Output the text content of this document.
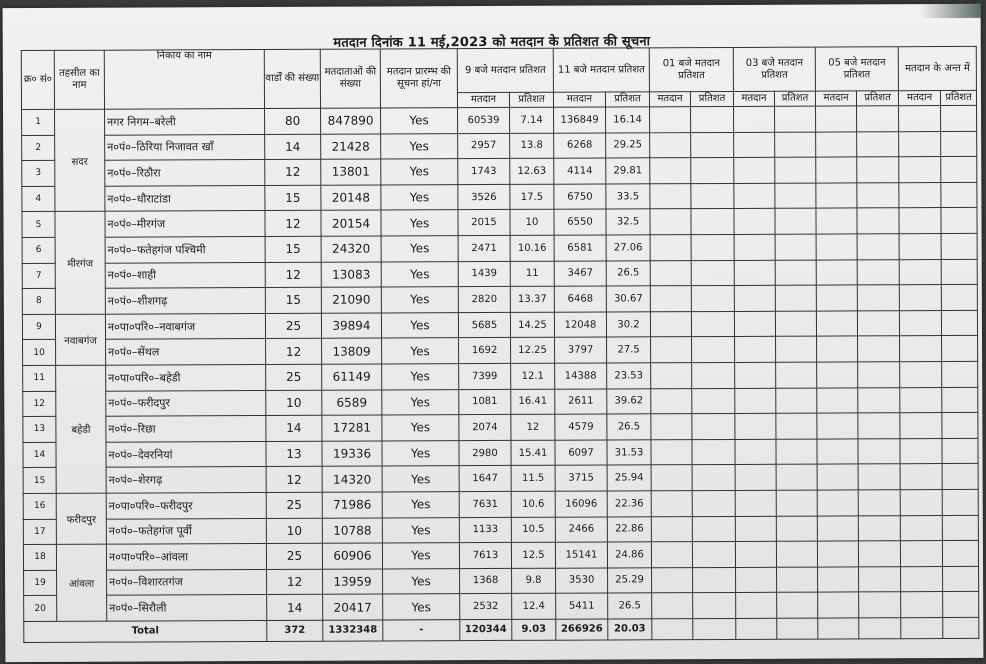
मतदान दिनांक 11 मई,2023 को मतदान के प्रतिशत की सूचना
क्र० सं०	तहसील का नाम	निकाय का नाम	वार्डों की संख्या	मतदाताओं की संख्या	मतदान प्रारम्भ की सूचना हां/ना	9 बजे मतदान प्रतिशत		11 बजे मतदान प्रतिशत		01 बजे मतदान प्रतिशत		03 बजे मतदान प्रतिशत		05 बजे मतदान प्रतिशत		मतदान के अन्त में	
						मतदान	प्रतिशत	मतदान	प्रतिशत	मतदान	प्रतिशत	मतदान	प्रतिशत	मतदान	प्रतिशत	मतदान	प्रतिशत
1	सदर	नगर निगम–बरेली	80	847890	Yes	60539	7.14	136849	16.14								
2		न०पं०–ठिरिया निजावत खॉं	14	21428	Yes	2957	13.8	6268	29.25								
3		न०पं०–रिठौरा	12	13801	Yes	1743	12.63	4114	29.81								
4		न०पं०–धौराटांडा	15	20148	Yes	3526	17.5	6750	33.5								
5	मीरगंज	न०पं०–मीरगंज	12	20154	Yes	2015	10	6550	32.5								
6		न०पं०–फतेहगंज पश्चिमी	15	24320	Yes	2471	10.16	6581	27.06								
7		न०पं०–शाही	12	13083	Yes	1439	11	3467	26.5								
8		न०पं०–शीशगढ़	15	21090	Yes	2820	13.37	6468	30.67								
9	नवाबगंज	न०पा०परि०–नवाबगंज	25	39894	Yes	5685	14.25	12048	30.2								
10		न०पं०–सेंथल	12	13809	Yes	1692	12.25	3797	27.5								
11	बहेडी	न०पा०परि०–बहेडी	25	61149	Yes	7399	12.1	14388	23.53								
12		न०पं०–फरीदपुर	10	6589	Yes	1081	16.41	2611	39.62								
13		न०पं०–रिछा	14	17281	Yes	2074	12	4579	26.5								
14		न०पं०–देवरनियां	13	19336	Yes	2980	15.41	6097	31.53								
15		न०पं०–शेरगढ़	12	14320	Yes	1647	11.5	3715	25.94								
16	फरीदपुर	न०पा०परि०–फरीदपुर	25	71986	Yes	7631	10.6	16096	22.36								
17		न०पं०–फतेहगंज पूर्वी	10	10788	Yes	1133	10.5	2466	22.86								
18	आंवला	न०पा०परि०–आंवला	25	60906	Yes	7613	12.5	15141	24.86								
19		न०पं०–विशारतगंज	12	13959	Yes	1368	9.8	3530	25.29								
20		न०पं०–सिरौली	14	20417	Yes	2532	12.4	5411	26.5								
Total			372	1332348	-	120344	9.03	266926	20.03								
